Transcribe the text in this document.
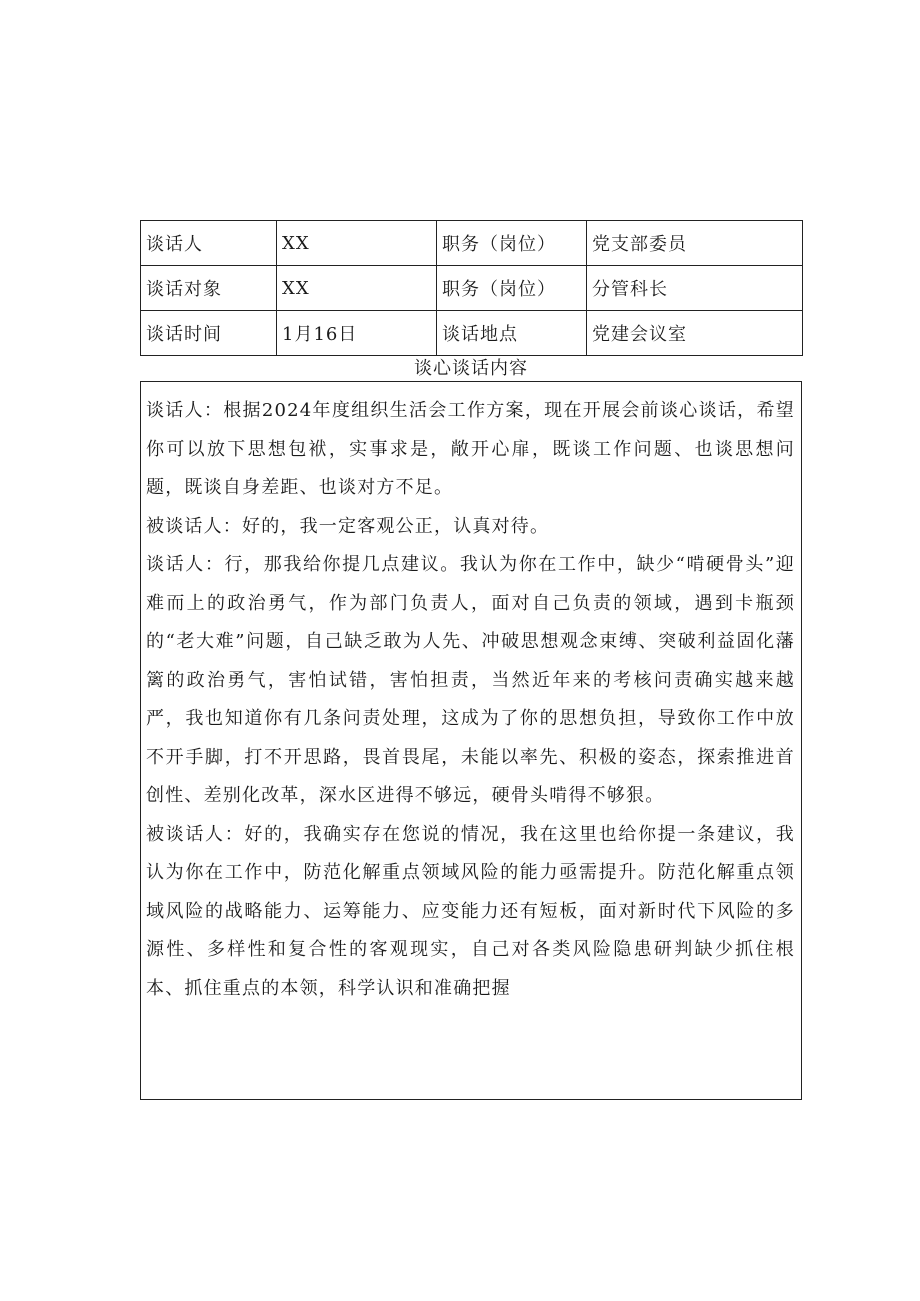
谈话人	XX	职务（岗位）	党支部委员
谈话对象	XX	职务（岗位）	分管科长
谈话时间	1月16日	谈话地点	党建会议室
谈心谈话内容

谈话人：根据2024年度组织生活会工作方案，现在开展会前谈心谈话，希望你可以放下思想包袱，实事求是，敞开心扉，既谈工作问题、也谈思想问题，既谈自身差距、也谈对方不足。

被谈话人：好的，我一定客观公正，认真对待。

谈话人：行，那我给你提几点建议。我认为你在工作中，缺少“啃硬骨头”迎难而上的政治勇气，作为部门负责人，面对自己负责的领域，遇到卡瓶颈的“老大难”问题，自己缺乏敢为人先、冲破思想观念束缚、突破利益固化藩篱的政治勇气，害怕试错，害怕担责，当然近年来的考核问责确实越来越严，我也知道你有几条问责处理，这成为了你的思想负担，导致你工作中放不开手脚，打不开思路，畏首畏尾，未能以率先、积极的姿态，探索推进首创性、差别化改革，深水区进得不够远，硬骨头啃得不够狠。

被谈话人：好的，我确实存在您说的情况，我在这里也给你提一条建议，我认为你在工作中，防范化解重点领域风险的能力亟需提升。防范化解重点领域风险的战略能力、运筹能力、应变能力还有短板，面对新时代下风险的多源性、多样性和复合性的客观现实，自己对各类风险隐患研判缺少抓住根本、抓住重点的本领，科学认识和准确把握
